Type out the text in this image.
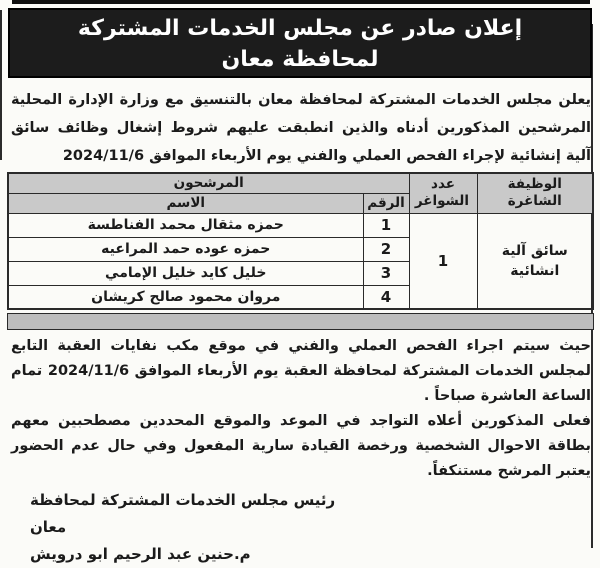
إعلان صادر عن مجلس الخدمات المشتركة لمحافظة معان
يعلن مجلس الخدمات المشتركة لمحافظة معان بالتنسيق مع وزارة الإدارة المحلية المرشحين المذكورين أدناه والذين انطبقت عليهم شروط إشغال وظائف سائق آلية إنشائية لإجراء الفحص العملي والفني يوم الأربعاء الموافق 2024/11/6
الوظيفة الشاغرة	عدد الشواغر	المرشحون	
		الرقم	الاسم
سائق آلية انشائية	1	1	حمزه مثقال محمد الفناطسة
		2	حمزه عوده حمد المراعيه
		3	خليل كايد خليل الإمامي
		4	مروان محمود صالح كريشان

حيث سيتم اجراء الفحص العملي والفني في موقع مكب نفايات العقبة التابع لمجلس الخدمات المشتركة لمحافظة العقبة يوم الأربعاء الموافق 2024/11/6 تمام الساعة العاشرة صباحاً .

فعلى المذكورين أعلاه التواجد في الموعد والموقع المحددين مصطحبين معهم بطاقة الاحوال الشخصية ورخصة القيادة سارية المفعول وفي حال عدم الحضور يعتبر المرشح مستنكفاً.

رئيس مجلس الخدمات المشتركة لمحافظة معان
م.حنين عبد الرحيم ابو درويش
